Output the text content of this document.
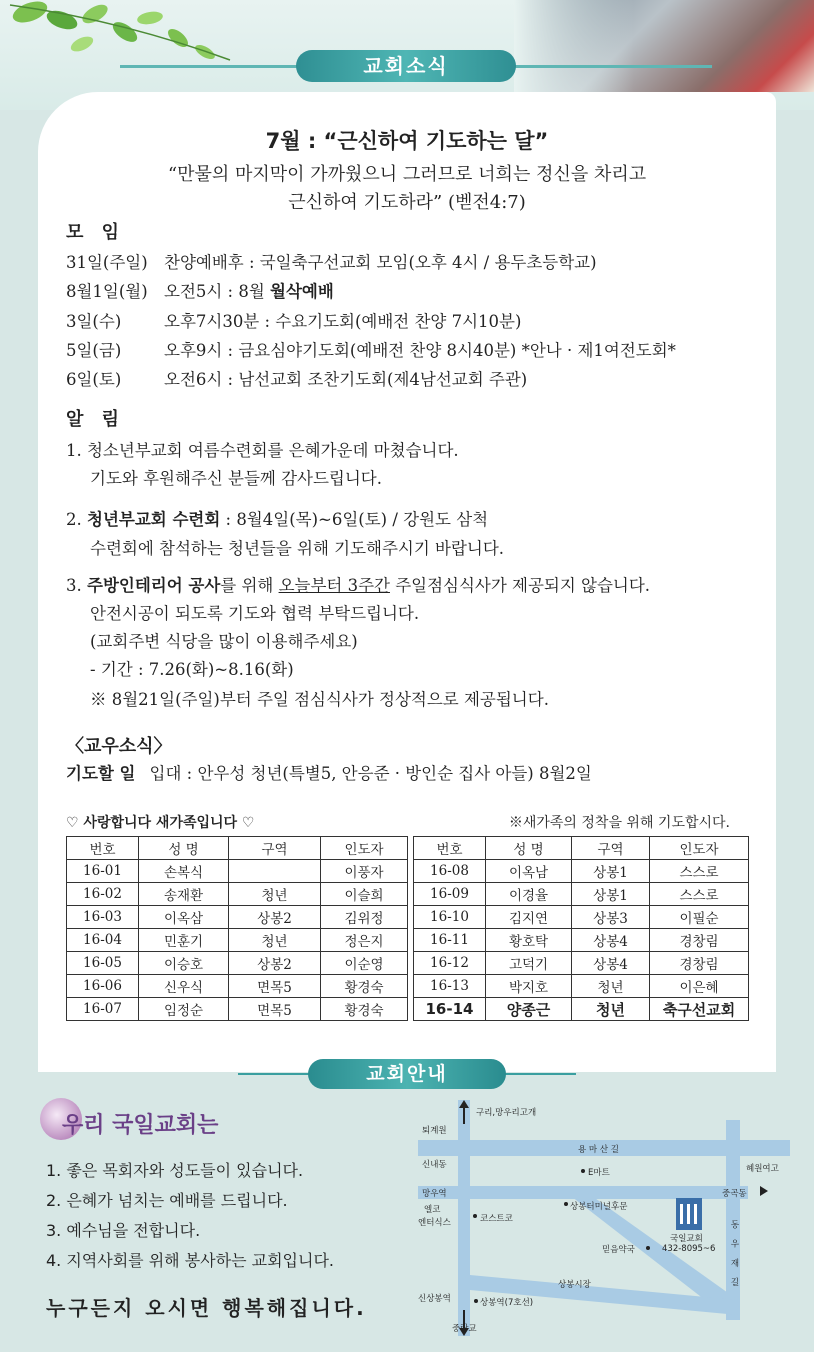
교회소식
7월 : “근신하여 기도하는 달”
“만물의 마지막이 가까웠으니 그러므로 너희는 정신을 차리고
근신하여 기도하라” (벧전4:7)
모 임
31일(주일) 찬양예배후 : 국일축구선교회 모임(오후 4시 / 용두초등학교)
8월1일(월) 오전5시 : 8월 월삭예배
3일(수)	오후7시30분 : 수요기도회(예배전 찬양 7시10분)
5일(금)	오후9시 : 금요심야기도회(예배전 찬양 8시40분) *안나 · 제1여전도회*
6일(토)	오전6시 : 남선교회 조찬기도회(제4남선교회 주관)
알 림
1. 청소년부교회 여름수련회를 은혜가운데 마쳤습니다.
기도와 후원해주신 분들께 감사드립니다.
2. 청년부교회 수련회 : 8월4일(목)~6일(토) / 강원도 삼척
수련회에 참석하는 청년들을 위해 기도해주시기 바랍니다.
3. 주방인테리어 공사를 위해 오늘부터 3주간 주일점심식사가 제공되지 않습니다.
안전시공이 되도록 기도와 협력 부탁드립니다.
(교회주변 식당을 많이 이용해주세요)
- 기간 : 7.26(화)~8.16(화)
※ 8월21일(주일)부터 주일 점심식사가 정상적으로 제공됩니다.
〈교우소식〉
기도할 일 입대 : 안우성 청년(특별5, 안응준 · 방인순 집사 아들) 8월2일
♡ 사랑합니다 새가족입니다 ♡	※새가족의 정착을 위해 기도합시다.
번호	성 명	구역	인도자
16-01	손복식		이풍자
16-02	송재환	청년	이슬희
16-03	이옥삼	상봉2	김위정
16-04	민훈기	청년	정은지
16-05	이승호	상봉2	이순영
16-06	신우식	면목5	황경숙
16-07	임정순	면목5	황경숙
번호	성 명	구역	인도자
16-08	이옥남	상봉1	스스로
16-09	이경율	상봉1	스스로
16-10	김지연	상봉3	이필순
16-11	황호탁	상봉4	경창림
16-12	고덕기	상봉4	경창림
16-13	박지호	청년	이은혜
16-14	양종근	청년	축구선교회
교회안내
우리 국일교회는
1. 좋은 목회자와 성도들이 있습니다.
2. 은혜가 넘치는 예배를 드립니다.
3. 예수님을 전합니다.
4. 지역사회를 위해 봉사하는 교회입니다.
누구든지 오시면 행복해집니다.
구리,망우리고개
퇴계원
용 마 산 길
신내동
E마트	혜원여고
망우역	중곡동
엘코
엔터식스	코스트코
상봉터미널후문
국일교회
432-8095~6
믿음약국	동 우 재 길
상봉시장
신상봉역	상봉역(7호선)
중랑교
